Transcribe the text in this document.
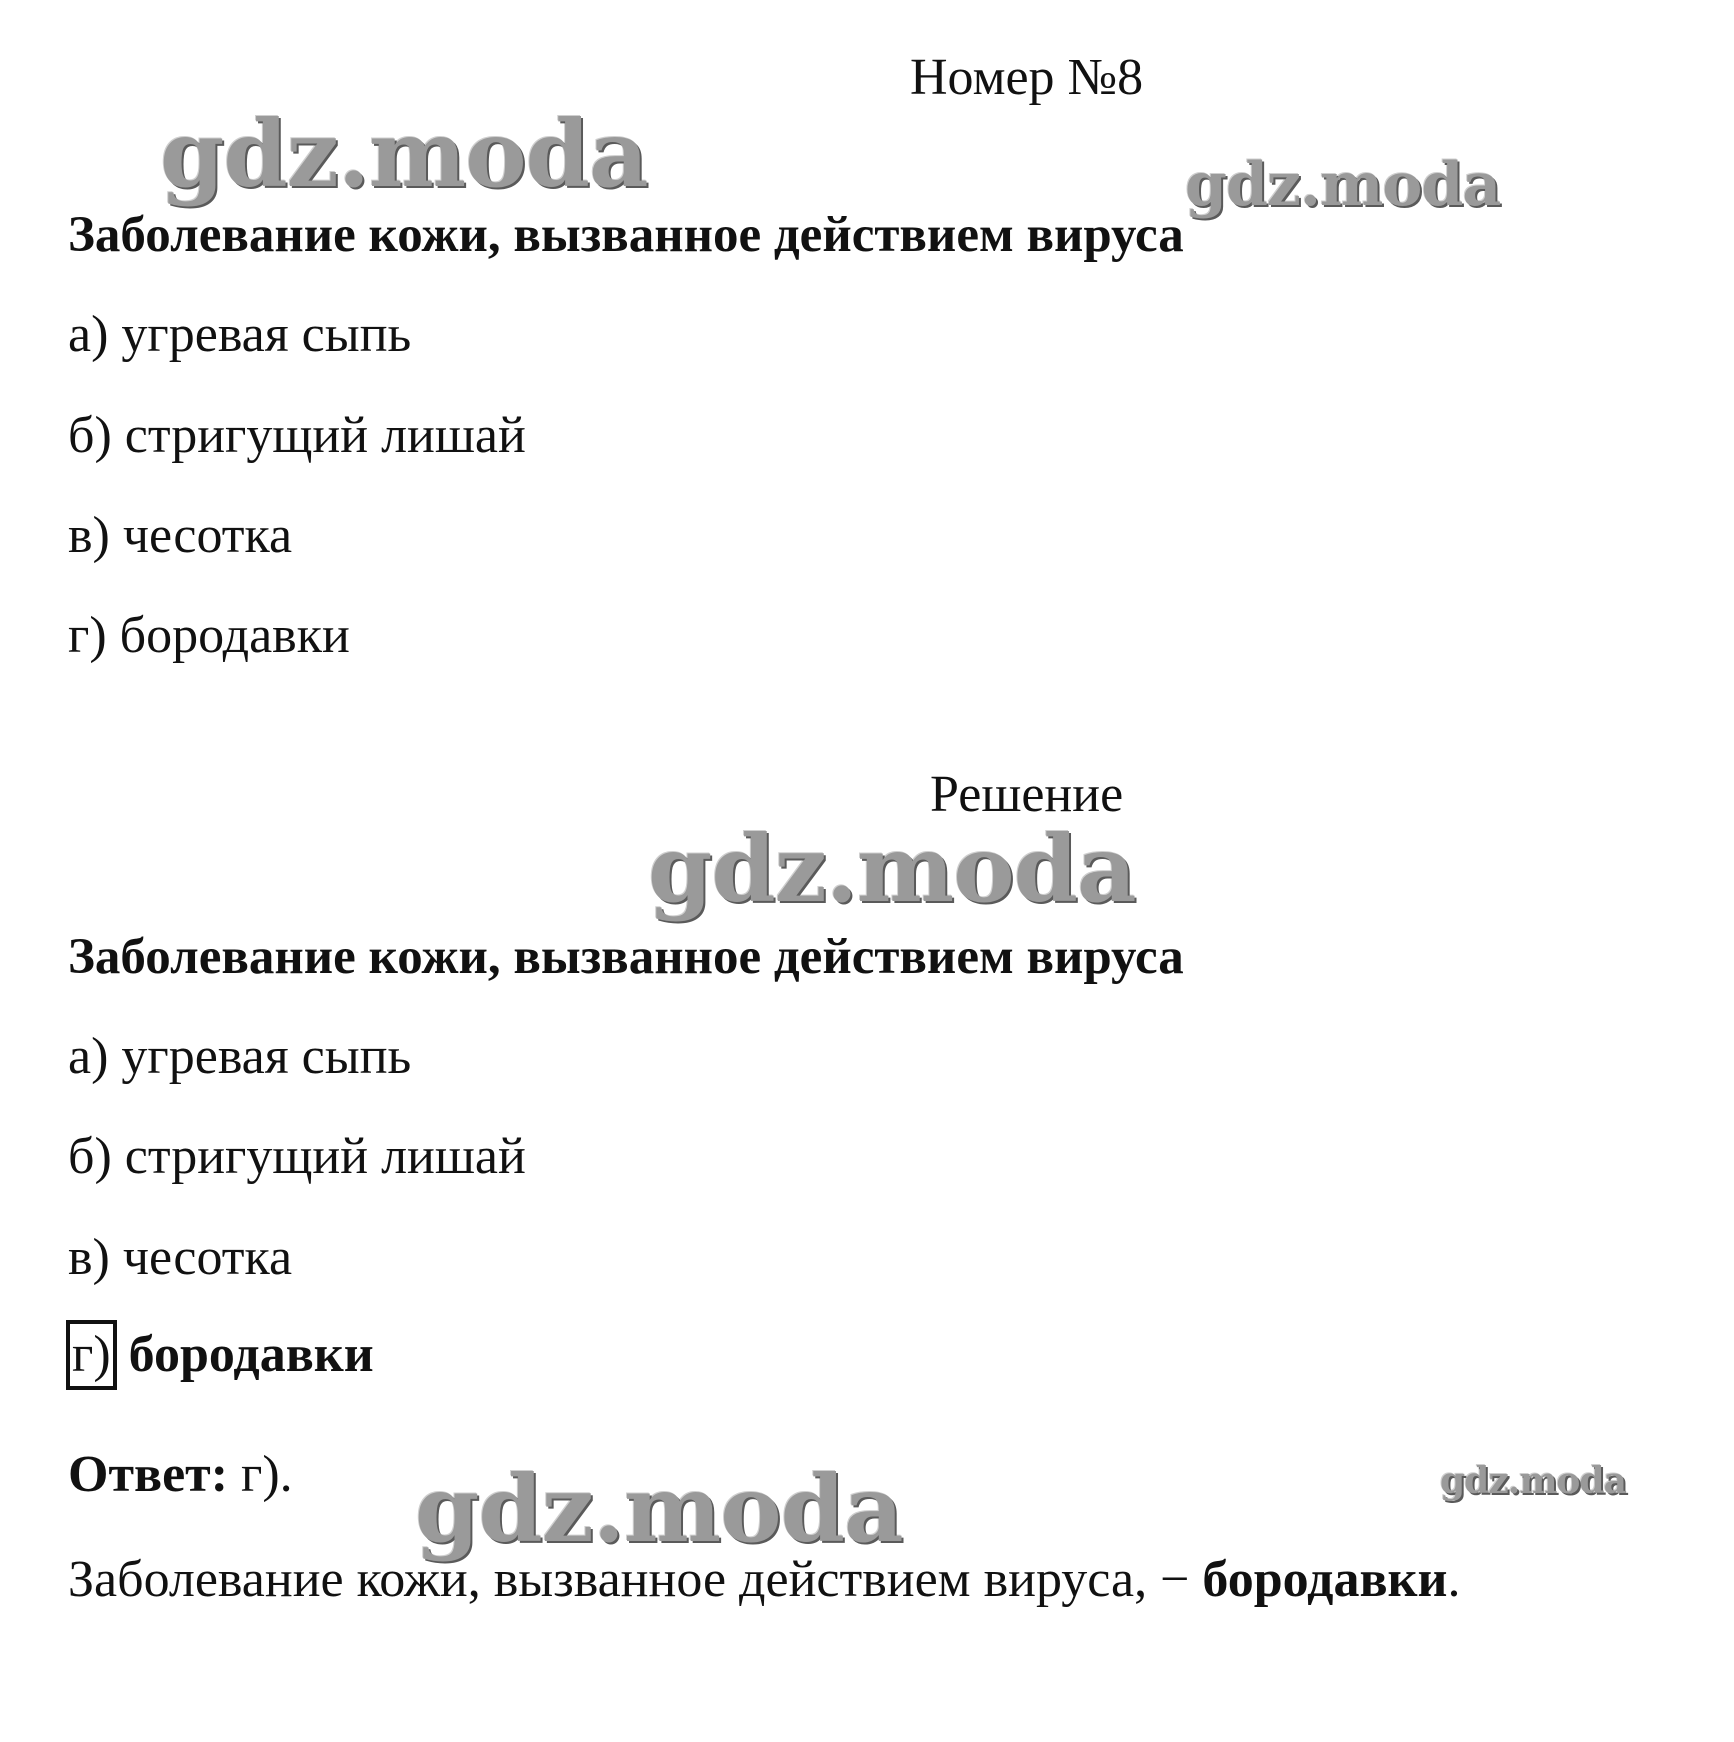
gdz.moda	gdz.moda
gdz.moda
gdz.moda
gdz.moda
Номер №8
Заболевание кожи, вызванное действием вируса
а) угревая сыпь
б) стригущий лишай
в) чесотка
г) бородавки
Решение
Заболевание кожи, вызванное действием вируса
а) угревая сыпь
б) стригущий лишай
в) чесотка
г) бородавки
Ответ: г).
Заболевание кожи, вызванное действием вируса, − бородавки.
